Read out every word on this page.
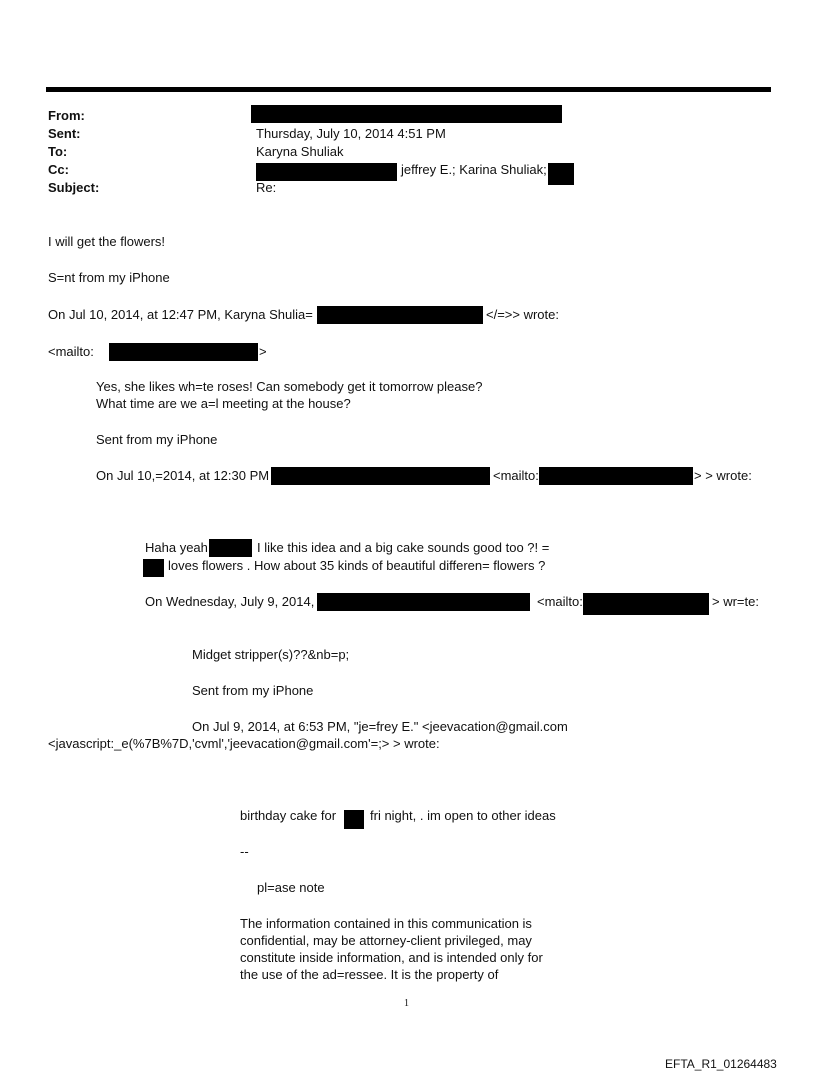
From:
Sent:	Thursday, July 10, 2014 4:51 PM
To:	Karyna Shuliak
Cc:	jeffrey E.; Karina Shuliak;
Subject:	Re:
I will get the flowers!
S=nt from my iPhone
On Jul 10, 2014, at 12:47 PM, Karyna Shulia=	</=>> wrote:
<mailto:	>
Yes, she likes wh=te roses! Can somebody get it tomorrow please?
What time are we a=l meeting at the house?
Sent from my iPhone
On Jul 10,=2014, at 12:30 PM	<mailto:	> > wrote:
Haha yeah	I like this idea and a big cake sounds good too ?! =
loves flowers . How about 35 kinds of beautiful differen= flowers ?
On Wednesday, July 9, 2014,	<mailto:	> wr=te:
Midget stripper(s)??&nb=p;
Sent from my iPhone
On Jul 9, 2014, at 6:53 PM, "je=frey E." <jeevacation@gmail.com
<javascript:_e(%7B%7D,'cvml','jeevacation@gmail.com'=;> > wrote:
birthday cake for	fri night, . im open to other ideas
--
pl=ase note
The information contained in this communication is
confidential, may be attorney-client privileged, may
constitute inside information, and is intended only for
the use of the ad=ressee. It is the property of
1
EFTA_R1_01264483
